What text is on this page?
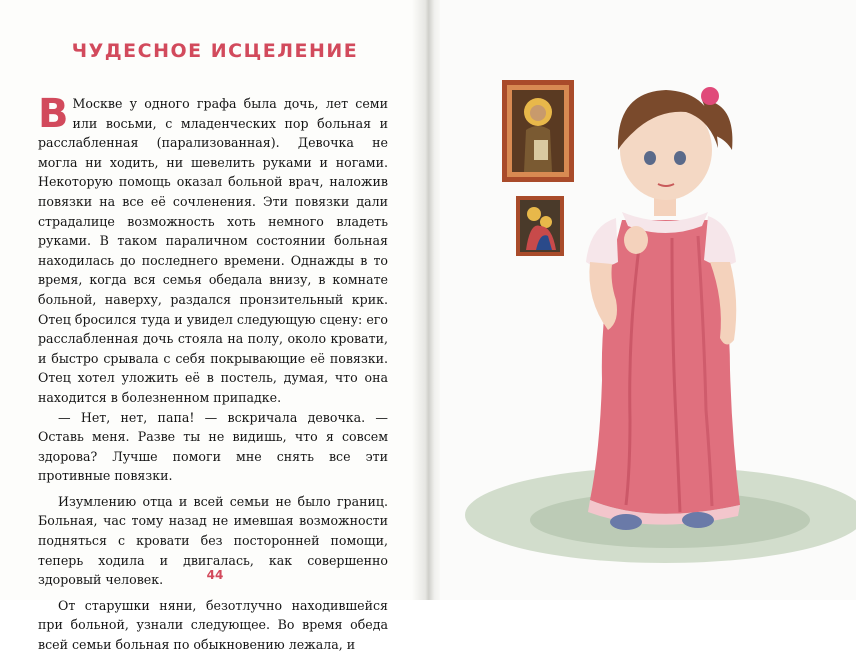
ЧУДЕСНОЕ ИСЦЕЛЕНИЕ

В Москве у одного графа была дочь, лет семи или восьми, с младенческих пор больная и расслабленная (парализованная). Девочка не могла ни ходить, ни шевелить руками и ногами. Некоторую помощь оказал больной врач, наложив повязки на все её сочленения. Эти повязки дали страдалице возможность хоть немного владеть руками. В таком параличном состоянии больная находилась до последнего времени. Однажды в то время, когда вся семья обедала внизу, в комнате больной, наверху, раздался пронзительный крик. Отец бросился туда и увидел следующую сцену: его расслабленная дочь стояла на полу, около кровати, и быстро срывала с себя покрывающие её повязки. Отец хотел уложить её в постель, думая, что она находится в болезненном припадке.

— Нет, нет, папа! — вскричала девочка. — Оставь меня. Разве ты не видишь, что я совсем здорова? Лучше помоги мне снять все эти противные повязки.

Изумлению отца и всей семьи не было границ. Больная, час тому назад не имевшая возможности подняться с кровати без посторонней помощи, теперь ходила и двигалась, как совершенно здоровый человек.

От старушки няни, безотлучно находившейся при больной, узнали следующее. Во время обеда всей семьи больная по обыкновению лежала, и

44
